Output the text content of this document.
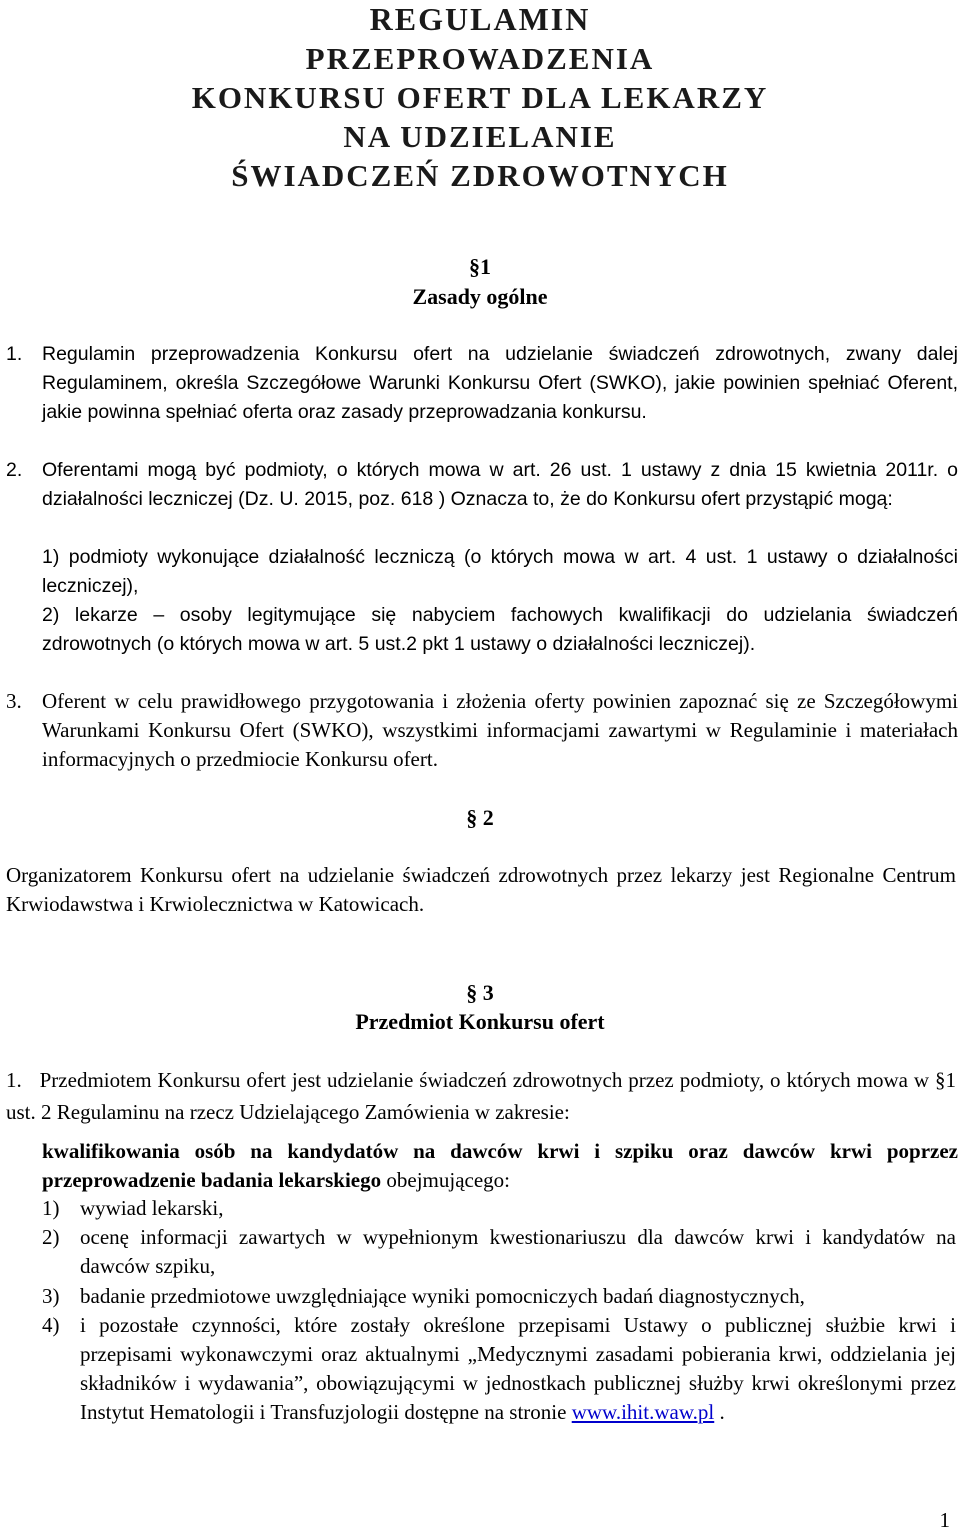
REGULAMIN
PRZEPROWADZENIA
KONKURSU OFERT DLA LEKARZY
NA UDZIELANIE
ŚWIADCZEŃ ZDROWOTNYCH
§1
Zasady ogólne
1. Regulamin przeprowadzenia Konkursu ofert na udzielanie świadczeń zdrowotnych, zwany dalej Regulaminem, określa Szczegółowe Warunki Konkursu Ofert (SWKO), jakie powinien spełniać Oferent, jakie powinna spełniać oferta oraz zasady przeprowadzania konkursu.
2. Oferentami mogą być podmioty, o których mowa w art. 26 ust. 1 ustawy z dnia 15 kwietnia 2011r. o działalności leczniczej (Dz. U. 2015, poz. 618 ) Oznacza to, że do Konkursu ofert przystąpić mogą:
1) podmioty wykonujące działalność leczniczą (o których mowa w art. 4 ust. 1 ustawy o działalności leczniczej),
2) lekarze – osoby legitymujące się nabyciem fachowych kwalifikacji do udzielania świadczeń zdrowotnych (o których mowa w art. 5 ust.2 pkt 1 ustawy o działalności leczniczej).
3. Oferent w celu prawidłowego przygotowania i złożenia oferty powinien zapoznać się ze Szczegółowymi Warunkami Konkursu Ofert (SWKO), wszystkimi informacjami zawartymi w Regulaminie i materiałach informacyjnych o przedmiocie Konkursu ofert.
§ 2
Organizatorem Konkursu ofert na udzielanie świadczeń zdrowotnych przez lekarzy jest Regionalne Centrum Krwiodawstwa i Krwiolecznictwa w Katowicach.
§ 3
Przedmiot Konkursu ofert
1. Przedmiotem Konkursu ofert jest udzielanie świadczeń zdrowotnych przez podmioty, o których mowa w §1 ust. 2 Regulaminu na rzecz Udzielającego Zamówienia w zakresie:
kwalifikowania osób na kandydatów na dawców krwi i szpiku oraz dawców krwi poprzez przeprowadzenie badania lekarskiego obejmującego:
1) wywiad lekarski,
2) ocenę informacji zawartych w wypełnionym kwestionariuszu dla dawców krwi i kandydatów na dawców szpiku,
3) badanie przedmiotowe uwzględniające wyniki pomocniczych badań diagnostycznych,
4) i pozostałe czynności, które zostały określone przepisami Ustawy o publicznej służbie krwi i przepisami wykonawczymi oraz aktualnymi „Medycznymi zasadami pobierania krwi, oddzielania jej składników i wydawania”, obowiązującymi w jednostkach publicznej służby krwi określonymi przez Instytut Hematologii i Transfuzjologii dostępne na stronie www.ihit.waw.pl .
1
